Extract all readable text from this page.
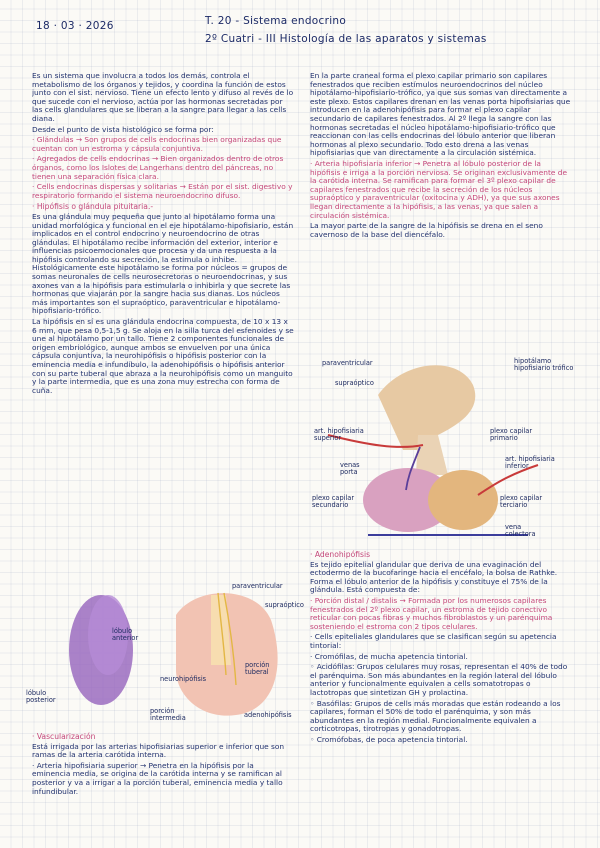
18 · 03 · 2026	T. 20 - Sistema endocrino
2º Cuatri - III Histología de las aparatos y sistemas

Es un sistema que involucra a todos los demás, controla el metabolismo de los órganos y tejidos, y coordina la función de estos junto con el sist. nervioso. Tiene un efecto lento y difuso al revés de lo que sucede con el nervioso, actúa por las hormonas secretadas por las cells glandulares que se liberan a la sangre para llegar a las cells diana.

Desde el punto de vista histológico se forma por:

· Glándulas → Son grupos de cells endocrinas bien organizadas que cuentan con un estroma y cápsula conjuntiva.

· Agregados de cells endocrinas → Bien organizados dentro de otros órganos, como los Islotes de Langerhans dentro del páncreas, no tienen una separación física clara.

· Cells endocrinas dispersas y solitarias → Están por el sist. digestivo y respiratorio formando el sistema neuroendocrino difuso.

· Hipófisis o glándula pituitaria.-

Es una glándula muy pequeña que junto al hipotálamo forma una unidad morfológica y funcional en el eje hipotálamo-hipofisiario, están implicados en el control endocrino y neuroendocrino de otras glándulas. El hipotálamo recibe información del exterior, interior e influencias psicoemocionales que procesa y da una respuesta a la hipófisis controlando su secreción, la estimula o inhibe. Histológicamente este hipotálamo se forma por núcleos = grupos de somas neuronales de cells neurosecretoras o neuroendocrinas, y sus axones van a la hipófisis para estimularla o inhibirla y que secrete las hormonas que viajarán por la sangre hacia sus dianas. Los núcleos más importantes son el supraóptico, paraventricular e hipotálamo-hipofisiario-trófico.

La hipófisis en sí es una glándula endocrina compuesta, de 10 x 13 x 6 mm, que pesa 0,5-1,5 g. Se aloja en la silla turca del esfenoides y se une al hipotálamo por un tallo. Tiene 2 componentes funcionales de origen embriológico, aunque ambos se envuelven por una única cápsula conjuntiva, la neurohipófisis o hipófisis posterior con la eminencia media e infundíbulo, la adenohipófisis o hipófisis anterior con su parte tuberal que abraza a la neurohipófisis como un manguito y la parte intermedia, que es una zona muy estrecha con forma de cuña.

paraventricular
supraóptico
lóbulo anterior
lóbulo posterior
neurohipófisis
porción tuberal
porción intermedia	adenohipófisis
· Vascularización

Está irrigada por las arterias hipofisiarias superior e inferior que son ramas de la arteria carótida interna.

· Arteria hipofisiaria superior → Penetra en la hipófisis por la eminencia media, se origina de la carótida interna y se ramifican al posterior y va a irrigar a la porción tuberal, eminencia media y tallo infundibular.

En la parte craneal forma el plexo capilar primario son capilares fenestrados que reciben estímulos neuroendocrinos del núcleo hipotálamo-hipofisiario-trófico, ya que sus somas van directamente a este plexo. Estos capilares drenan en las venas porta hipofisiarias que introducen en la adenohipófisis para formar el plexo capilar secundario de capilares fenestrados. Al 2º llega la sangre con las hormonas secretadas el núcleo hipotálamo-hipofisiario-trófico que reaccionan con las cells endocrinas del lóbulo anterior que liberan hormonas al plexo secundario. Todo esto drena a las venas hipofisiarias que van directamente a la circulación sistémica.

· Arteria hipofisiaria inferior → Penetra al lóbulo posterior de la hipófisis e irriga a la porción nerviosa. Se originan exclusivamente de la carótida interna. Se ramifican para formar el 3º plexo capilar de capilares fenestrados que recibe la secreción de los núcleos supraóptico y paraventricular (oxitocina y ADH), ya que sus axones llegan directamente a la hipófisis, a las venas, ya que salen a circulación sistémica.

La mayor parte de la sangre de la hipófisis se drena en el seno cavernoso de la base del diencéfalo.

paraventricular
supraóptico
hipotálamo hipofisiario trófico
art. hipofisiaria superior
plexo capilar primario
venas porta
art. hipofisiaria inferior
plexo capilar secundario
plexo capilar terciario
vena colectora
· Adenohipófisis

Es tejido epitelial glandular que deriva de una evaginación del ectodermo de la bucofaringe hacia el encéfalo, la bolsa de Rathke. Forma el lóbulo anterior de la hipófisis y constituye el 75% de la glándula. Está compuesta de:

· Porción distal / distalis → Formada por los numerosos capilares fenestrados del 2º plexo capilar, un estroma de tejido conectivo reticular con pocas fibras y muchos fibroblastos y un parénquima sosteniendo el estroma con 2 tipos celulares.

· Cells epiteliales glandulares que se clasifican según su apetencia tintorial:

· Cromófilas, de mucha apetencia tintorial.

◦ Acidófilas: Grupos celulares muy rosas, representan el 40% de todo el parénquima. Son más abundantes en la región lateral del lóbulo anterior y funcionalmente equivalen a cells somatotropas o lactotropas que sintetizan GH y prolactina.

◦ Basófilas: Grupos de cells más moradas que están rodeando a los capilares, forman el 50% de todo el parénquima, y son más abundantes en la región medial. Funcionalmente equivalen a corticotropas, tirotropas y gonadotropas.

◦ Cromófobas, de poca apetencia tintorial.
